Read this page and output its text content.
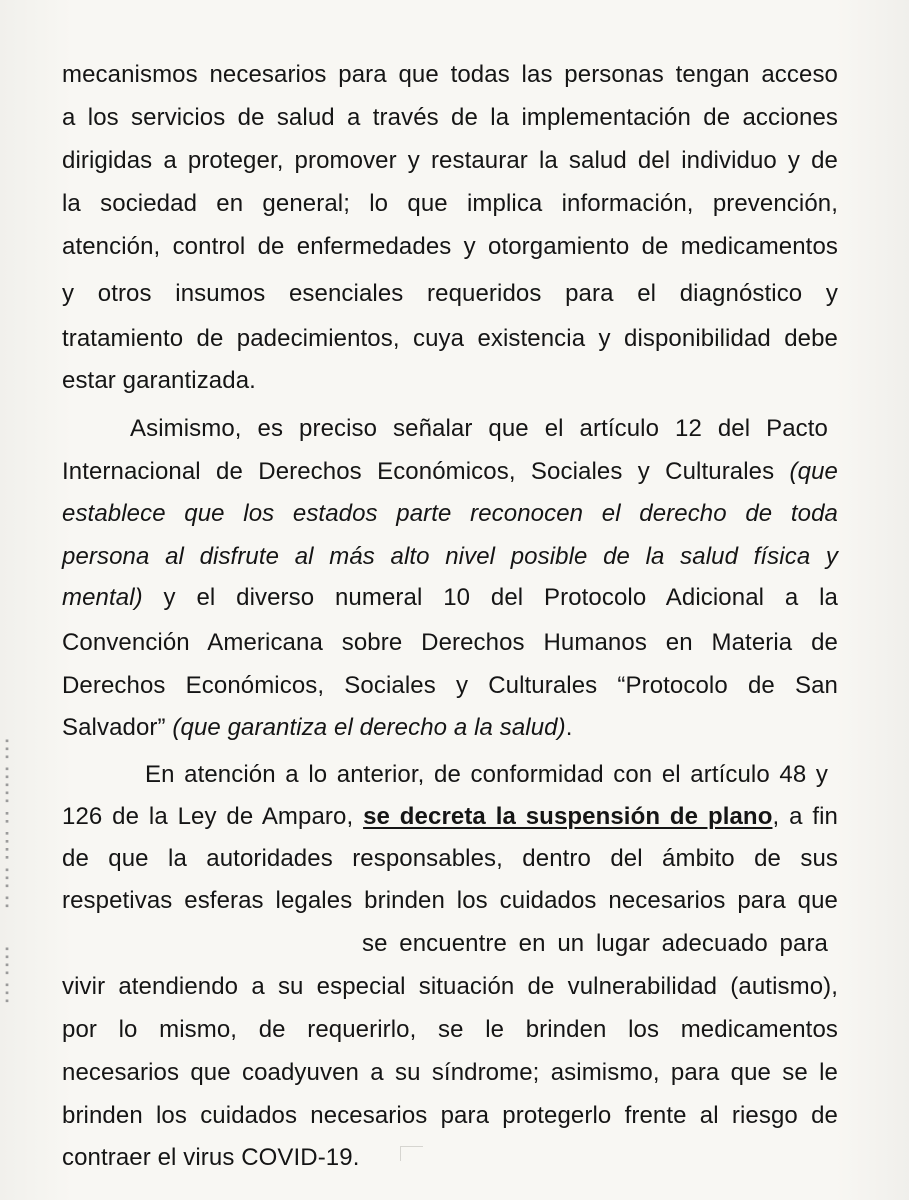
▪▪ ▪▪▪ ▪▪▪▪ ▪▪ ▪▪▪▪▪ ▪▪▪
▪▪▪ ▪▪▪▪
mecanismos necesarios para que todas las personas tengan acceso
a los servicios de salud a través de la implementación de acciones
dirigidas a proteger, promover y restaurar la salud del individuo y de
la sociedad en general; lo que implica información, prevención,
atención, control de enfermedades y otorgamiento de medicamentos
y otros insumos esenciales requeridos para el diagnóstico y
tratamiento de padecimientos, cuya existencia y disponibilidad debe
estar garantizada.
Asimismo, es preciso señalar que el artículo 12 del Pacto
Internacional de Derechos Económicos, Sociales y Culturales (que
establece que los estados parte reconocen el derecho de toda
persona al disfrute al más alto nivel posible de la salud física y
mental) y el diverso numeral 10 del Protocolo Adicional a la
Convención Americana sobre Derechos Humanos en Materia de
Derechos Económicos, Sociales y Culturales “Protocolo de San
Salvador” (que garantiza el derecho a la salud).
En atención a lo anterior, de conformidad con el artículo 48 y
126 de la Ley de Amparo, se decreta la suspensión de plano, a fin
de que la autoridades responsables, dentro del ámbito de sus
respetivas esferas legales brinden los cuidados necesarios para que
se encuentre en un lugar adecuado para
vivir atendiendo a su especial situación de vulnerabilidad (autismo),
por lo mismo, de requerirlo, se le brinden los medicamentos
necesarios que coadyuven a su síndrome; asimismo, para que se le
brinden los cuidados necesarios para protegerlo frente al riesgo de
contraer el virus COVID-19.
